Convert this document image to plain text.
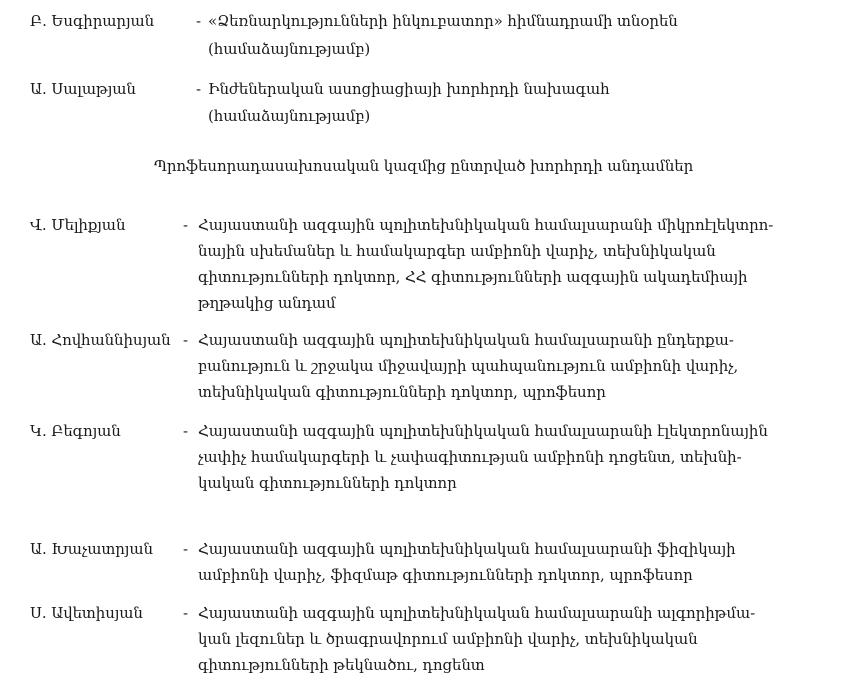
Բ. Եսգիրարյան	- «Ձեռնարկությունների ինկուբատոր» հիմնադրամի տնօրեն
(համաձայնությամբ)
Ա. Սալաթյան	- Ինժեներական ասոցիացիայի խորհրդի նախագահ
(համաձայնությամբ)
Պրոֆեսորադասախոսական կազմից ընտրված խորհրդի անդամներ
Վ. Մելիքյան	- Հայաստանի ազգային պոլիտեխնիկական համալսարանի միկրոէլեկտրո-
նային սխեմաներ և համակարգեր ամբիոնի վարիչ, տեխնիկական
գիտությունների դոկտոր, ՀՀ գիտությունների ազգային ակադեմիայի
թղթակից անդամ
Ա. Հովհաննիսյան - Հայաստանի ազգային պոլիտեխնիկական համալսարանի ընդերքա-
բանություն և շրջակա միջավայրի պահպանություն ամբիոնի վարիչ,
տեխնիկական գիտությունների դոկտոր, պրոֆեսոր
Կ. Բեգոյան	- Հայաստանի ազգային պոլիտեխնիկական համալսարանի էլեկտրոնային
չափիչ համակարգերի և չափագիտության ամբիոնի դոցենտ, տեխնի-
կական գիտությունների դոկտոր
Ա. Խաչատրյան - Հայաստանի ազգային պոլիտեխնիկական համալսարանի ֆիզիկայի
ամբիոնի վարիչ, ֆիզմաթ գիտությունների դոկտոր, պրոֆեսոր
Ս. Ավետիսյան	- Հայաստանի ազգային պոլիտեխնիկական համալսարանի ալգորիթմա-
կան լեզուներ և ծրագրավորում ամբիոնի վարիչ, տեխնիկական
գիտությունների թեկնածու, դոցենտ
